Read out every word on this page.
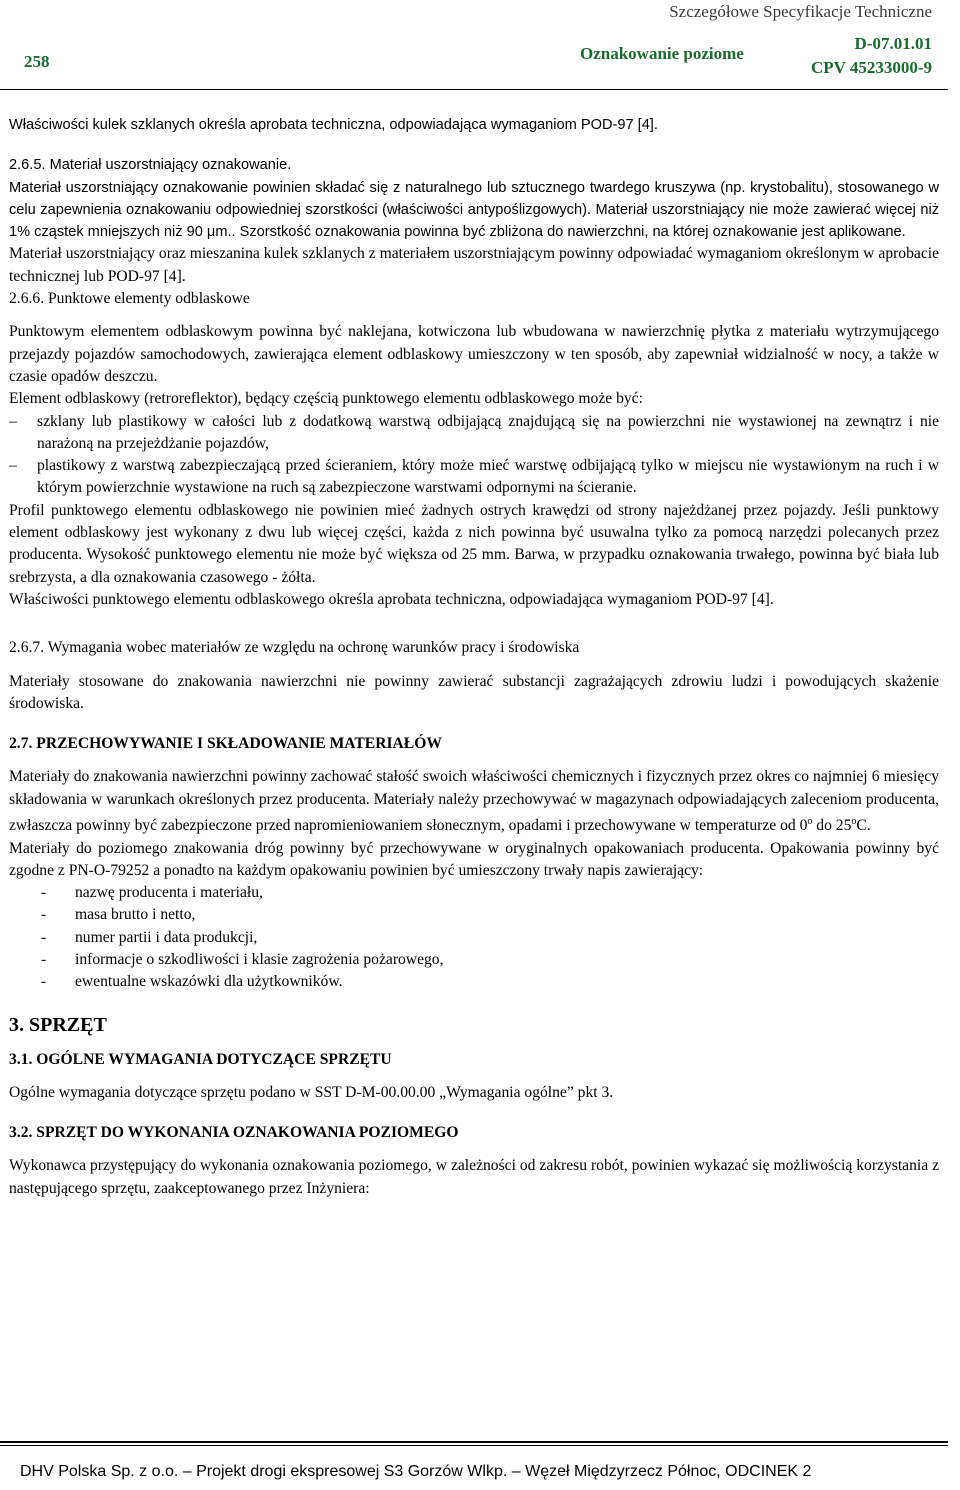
Szczegółowe Specyfikacje Techniczne
258	Oznakowanie poziome
D-07.01.01
CPV 45233000-9

Właściwości kulek szklanych określa aprobata techniczna, odpowiadająca wymaganiom POD-97 [4].

2.6.5. Materiał uszorstniający oznakowanie.

Materiał uszorstniający oznakowanie powinien składać się z naturalnego lub sztucznego twardego kruszywa (np. krystobalitu), stosowanego w celu zapewnienia oznakowaniu odpowiedniej szorstkości (właściwości antypoślizgowych). Materiał uszorstniający nie może zawierać więcej niż 1% cząstek mniejszych niż 90 μm.. Szorstkość oznakowania powinna być zbliżona do nawierzchni, na której oznakowanie jest aplikowane.

Materiał uszorstniający oraz mieszanina kulek szklanych z materiałem uszorstniającym powinny odpowiadać wymaganiom określonym w aprobacie technicznej lub POD-97 [4].

2.6.6. Punktowe elementy odblaskowe

Punktowym elementem odblaskowym powinna być naklejana, kotwiczona lub wbudowana w nawierzchnię płytka z materiału wytrzymującego przejazdy pojazdów samochodowych, zawierająca element odblaskowy umieszczony w ten sposób, aby zapewniał widzialność w nocy, a także w czasie opadów deszczu.

Element odblaskowy (retroreflektor), będący częścią punktowego elementu odblaskowego może być:

– szklany lub plastikowy w całości lub z dodatkową warstwą odbijającą znajdującą się na powierzchni nie wystawionej na zewnątrz i nie narażoną na przejeżdżanie pojazdów,
– plastikowy z warstwą zabezpieczającą przed ścieraniem, który może mieć warstwę odbijającą tylko w miejscu nie wystawionym na ruch i w którym powierzchnie wystawione na ruch są zabezpieczone warstwami odpornymi na ścieranie.

Profil punktowego elementu odblaskowego nie powinien mieć żadnych ostrych krawędzi od strony najeżdżanej przez pojazdy. Jeśli punktowy element odblaskowy jest wykonany z dwu lub więcej części, każda z nich powinna być usuwalna tylko za pomocą narzędzi polecanych przez producenta. Wysokość punktowego elementu nie może być większa od 25 mm. Barwa, w przypadku oznakowania trwałego, powinna być biała lub srebrzysta, a dla oznakowania czasowego - żółta.

Właściwości punktowego elementu odblaskowego określa aprobata techniczna, odpowiadająca wymaganiom POD-97 [4].

2.6.7. Wymagania wobec materiałów ze względu na ochronę warunków pracy i środowiska

Materiały stosowane do znakowania nawierzchni nie powinny zawierać substancji zagrażających zdrowiu ludzi i powodujących skażenie środowiska.

2.7. PRZECHOWYWANIE I SKŁADOWANIE MATERIAŁÓW

Materiały do znakowania nawierzchni powinny zachować stałość swoich właściwości chemicznych i fizycznych przez okres co najmniej 6 miesięcy składowania w warunkach określonych przez producenta. Materiały należy przechowywać w magazynach odpowiadających zaleceniom producenta, zwłaszcza powinny być zabezpieczone przed napromieniowaniem słonecznym, opadami i przechowywane w temperaturze od 0$^o$ do 25$^o$C.

Materiały do poziomego znakowania dróg powinny być przechowywane w oryginalnych opakowaniach producenta. Opakowania powinny być zgodne z PN-O-79252 a ponadto na każdym opakowaniu powinien być umieszczony trwały napis zawierający:

- nazwę producenta i materiału,
- masa brutto i netto,
- numer partii i data produkcji,
- informacje o szkodliwości i klasie zagrożenia pożarowego,
- ewentualne wskazówki dla użytkowników.

3. SPRZĘT

3.1. OGÓLNE WYMAGANIA DOTYCZĄCE SPRZĘTU

Ogólne wymagania dotyczące sprzętu podano w SST D-M-00.00.00 „Wymagania ogólne” pkt 3.

3.2. SPRZĘT DO WYKONANIA OZNAKOWANIA POZIOMEGO

Wykonawca przystępujący do wykonania oznakowania poziomego, w zależności od zakresu robót, powinien wykazać się możliwością korzystania z następującego sprzętu, zaakceptowanego przez Inżyniera:

DHV Polska Sp. z o.o. – Projekt drogi ekspresowej S3 Gorzów Wlkp. – Węzeł Międzyrzecz Północ, ODCINEK 2
